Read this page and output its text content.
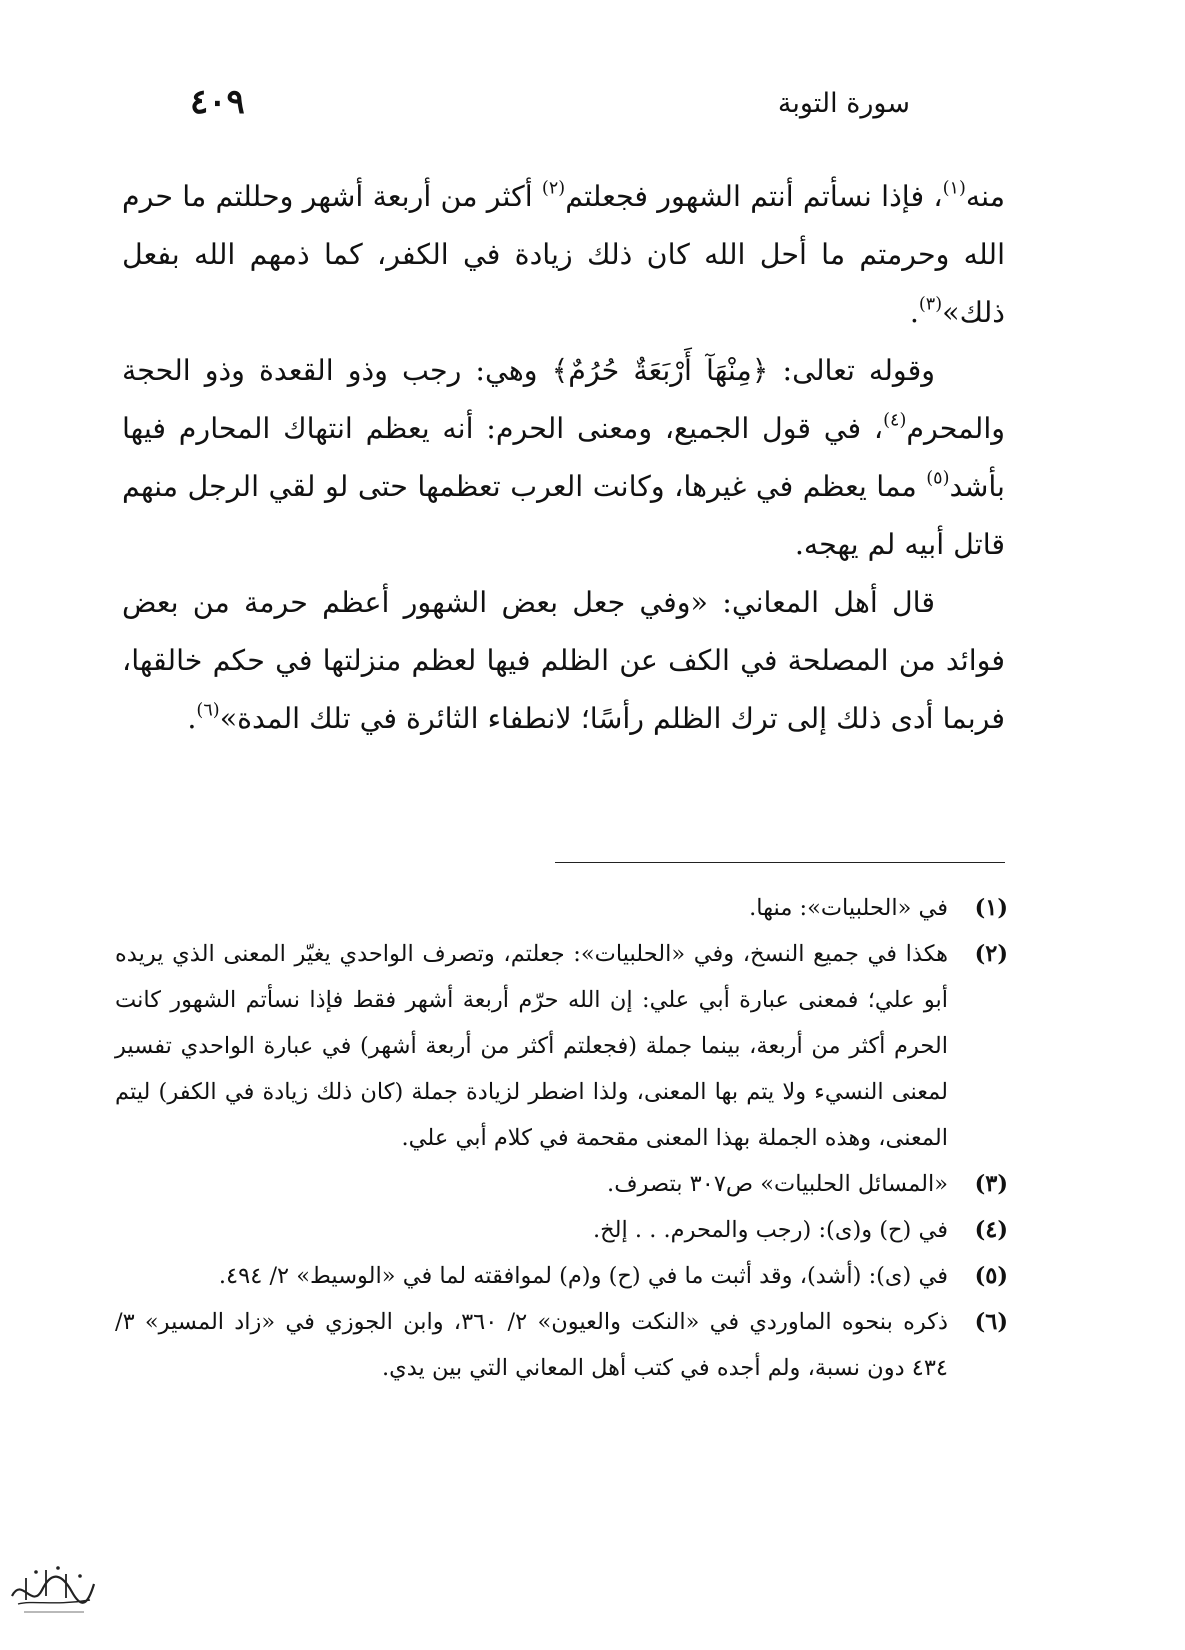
سورة التوبة
٤٠٩

منه$^{(١)}$، فإذا نسأتم أنتم الشهور فجعلتم$^{(٢)}$ أكثر من أربعة أشهر وحللتم ما حرم الله وحرمتم ما أحل الله كان ذلك زيادة في الكفر، كما ذمهم الله بفعل ذلك»$^{(٣)}$.

وقوله تعالى: ﴿مِنْهَآ أَرْبَعَةٌ حُرُمٌ﴾ وهي: رجب وذو القعدة وذو الحجة والمحرم$^{(٤)}$، في قول الجميع، ومعنى الحرم: أنه يعظم انتهاك المحارم فيها بأشد$^{(٥)}$ مما يعظم في غيرها، وكانت العرب تعظمها حتى لو لقي الرجل منهم قاتل أبيه لم يهجه.

قال أهل المعاني: «وفي جعل بعض الشهور أعظم حرمة من بعض فوائد من المصلحة في الكف عن الظلم فيها لعظم منزلتها في حكم خالقها، فربما أدى ذلك إلى ترك الظلم رأسًا؛ لانطفاء الثائرة في تلك المدة»$^{(٦)}$.

(١)
في «الحلبيات»: منها.
(٢)
هكذا في جميع النسخ، وفي «الحلبيات»: جعلتم، وتصرف الواحدي يغيّر المعنى الذي يريده أبو علي؛ فمعنى عبارة أبي علي: إن الله حرّم أربعة أشهر فقط فإذا نسأتم الشهور كانت الحرم أكثر من أربعة، بينما جملة (فجعلتم أكثر من أربعة أشهر) في عبارة الواحدي تفسير لمعنى النسيء ولا يتم بها المعنى، ولذا اضطر لزيادة جملة (كان ذلك زيادة في الكفر) ليتم المعنى، وهذه الجملة بهذا المعنى مقحمة في كلام أبي علي.
(٣)
«المسائل الحلبيات» ص٣٠٧ بتصرف.
(٤)
في (ح) و(ى): (رجب والمحرم. . . إلخ.
(٥)
في (ى): (أشد)، وقد أثبت ما في (ح) و(م) لموافقته لما في «الوسيط» ٢/ ٤٩٤.
(٦)
ذكره بنحوه الماوردي في «النكت والعيون» ٢/ ٣٦٠، وابن الجوزي في «زاد المسير» ٣/ ٤٣٤ دون نسبة، ولم أجده في كتب أهل المعاني التي بين يدي.
